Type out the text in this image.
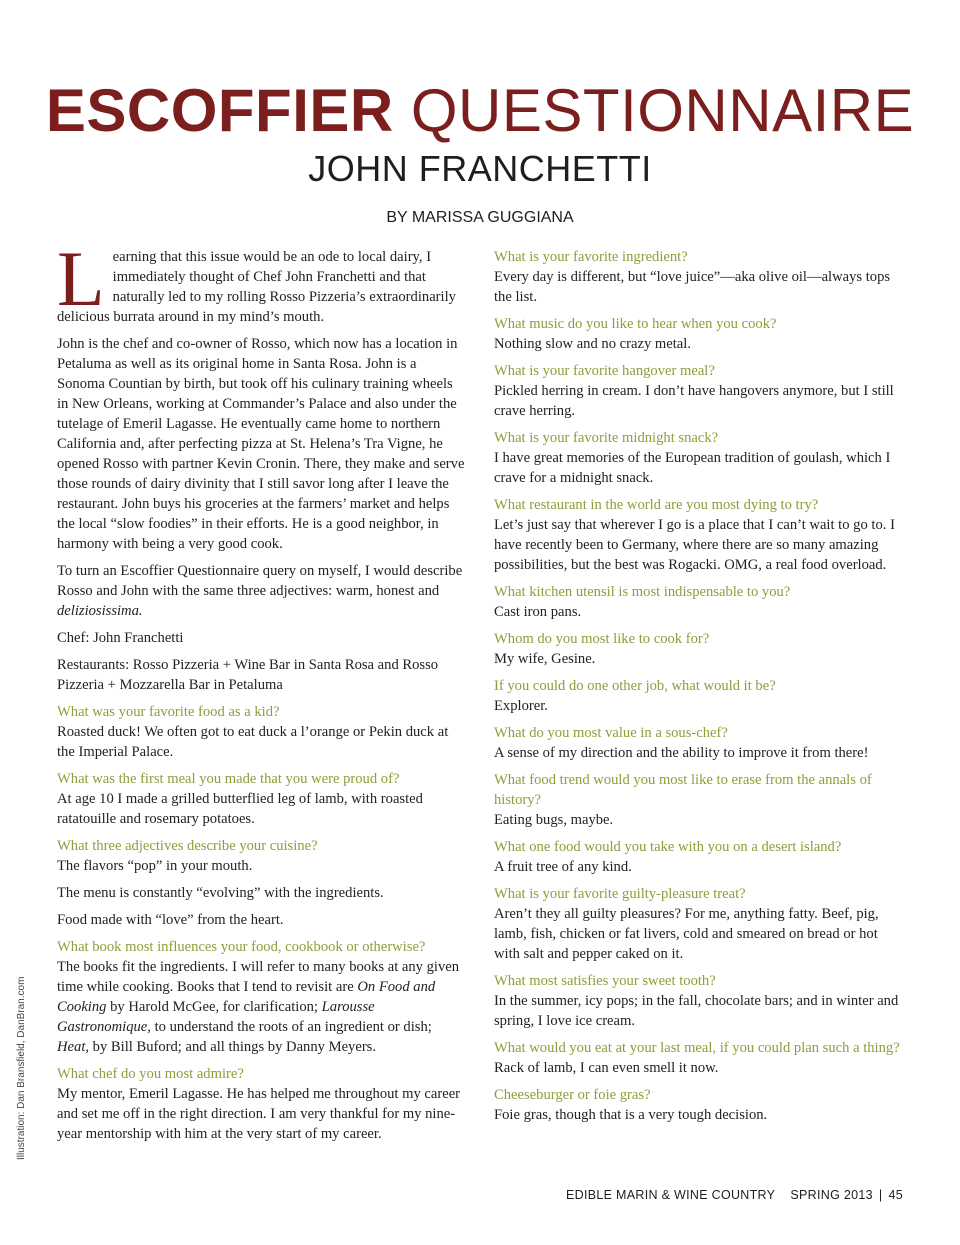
ESCOFFIER QUESTIONNAIRE
JOHN FRANCHETTI
BY MARISSA GUGGIANA

Learning that this issue would be an ode to local dairy, I immediately thought of Chef John Franchetti and that naturally led to my rolling Rosso Pizzeria’s extraordinarily delicious burrata around in my mind’s mouth.

John is the chef and co-owner of Rosso, which now has a location in Petaluma as well as its original home in Santa Rosa. John is a Sonoma Countian by birth, but took off his culinary training wheels in New Orleans, working at Commander’s Palace and also under the tutelage of Emeril Lagasse. He eventually came home to northern California and, after perfecting pizza at St. Helena’s Tra Vigne, he opened Rosso with partner Kevin Cronin. There, they make and serve those rounds of dairy divinity that I still savor long after I leave the restaurant. John buys his groceries at the farmers’ market and helps the local “slow foodies” in their efforts. He is a good neighbor, in harmony with being a very good cook.

To turn an Escoffier Questionnaire query on myself, I would describe Rosso and John with the same three adjectives: warm, honest and deliziosissima.

Chef: John Franchetti

Restaurants: Rosso Pizzeria + Wine Bar in Santa Rosa and Rosso Pizzeria + Mozzarella Bar in Petaluma

What was your favorite food as a kid?

Roasted duck! We often got to eat duck a l’orange or Pekin duck at the Imperial Palace.

What was the first meal you made that you were proud of?

At age 10 I made a grilled butterflied leg of lamb, with roasted ratatouille and rosemary potatoes.

What three adjectives describe your cuisine?

The flavors “pop” in your mouth.

The menu is constantly “evolving” with the ingredients.

Food made with “love” from the heart.

What book most influences your food, cookbook or otherwise?

The books fit the ingredients. I will refer to many books at any given time while cooking. Books that I tend to revisit are On Food and Cooking by Harold McGee, for clarification; Larousse Gastronomique, to understand the roots of an ingredient or dish; Heat, by Bill Buford; and all things by Danny Meyers.

What chef do you most admire?

My mentor, Emeril Lagasse. He has helped me throughout my career and set me off in the right direction. I am very thankful for my nine-year mentorship with him at the very start of my career.

What is your favorite ingredient?

Every day is different, but “love juice”—aka olive oil—always tops the list.

What music do you like to hear when you cook?

Nothing slow and no crazy metal.

What is your favorite hangover meal?

Pickled herring in cream. I don’t have hangovers anymore, but I still crave herring.

What is your favorite midnight snack?

I have great memories of the European tradition of goulash, which I crave for a midnight snack.

What restaurant in the world are you most dying to try?

Let’s just say that wherever I go is a place that I can’t wait to go to. I have recently been to Germany, where there are so many amazing possibilities, but the best was Rogacki. OMG, a real food overload.

What kitchen utensil is most indispensable to you?

Cast iron pans.

Whom do you most like to cook for?

My wife, Gesine.

If you could do one other job, what would it be?

Explorer.

What do you most value in a sous-chef?

A sense of my direction and the ability to improve it from there!

What food trend would you most like to erase from the annals of history?

Eating bugs, maybe.

What one food would you take with you on a desert island?

A fruit tree of any kind.

What is your favorite guilty-pleasure treat?

Aren’t they all guilty pleasures? For me, anything fatty. Beef, pig, lamb, fish, chicken or fat livers, cold and smeared on bread or hot with salt and pepper caked on it.

What most satisfies your sweet tooth?

In the summer, icy pops; in the fall, chocolate bars; and in winter and spring, I love ice cream.

What would you eat at your last meal, if you could plan such a thing?

Rack of lamb, I can even smell it now.

Cheeseburger or foie gras?

Foie gras, though that is a very tough decision.

Illustration: Dan Bransfield, DanBran.com
EDIBLE MARIN & WINE COUNTRY SPRING 2013 | 45
